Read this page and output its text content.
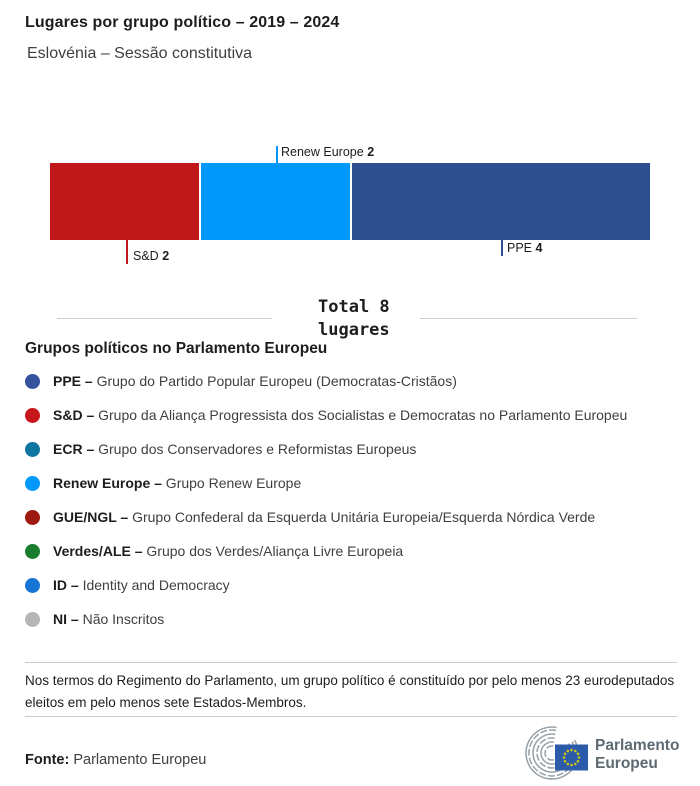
Lugares por grupo político – 2019 – 2024
Eslovénia – Sessão constitutiva
Renew Europe 2
S&D 2
PPE 4
Total 8
lugares
Grupos políticos no Parlamento Europeu
PPE – Grupo do Partido Popular Europeu (Democratas-Cristãos)
S&D – Grupo da Aliança Progressista dos Socialistas e Democratas no Parlamento Europeu
ECR – Grupo dos Conservadores e Reformistas Europeus
Renew Europe – Grupo Renew Europe
GUE/NGL – Grupo Confederal da Esquerda Unitária Europeia/Esquerda Nórdica Verde
Verdes/ALE – Grupo dos Verdes/Aliança Livre Europeia
ID – Identity and Democracy
NI – Não Inscritos

Nos termos do Regimento do Parlamento, um grupo político é constituído por pelo menos 23 eurodeputados eleitos em pelo menos sete Estados-Membros.

Fonte: Parlamento Europeu
Parlamento
Europeu
